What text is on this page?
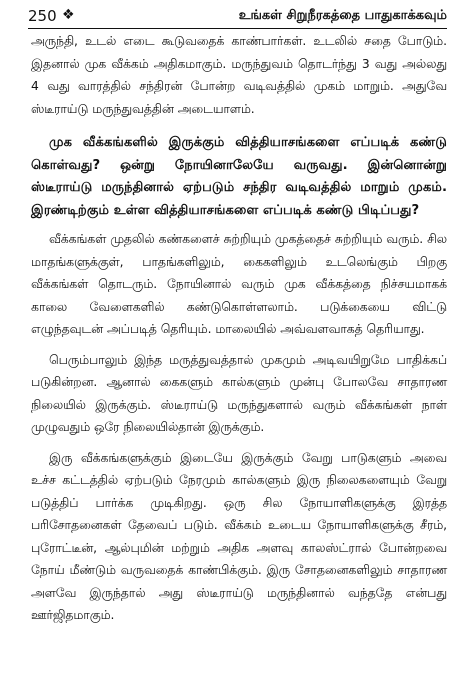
250 ❖	உங்கள் சிறுநீரகத்தை பாதுகாக்கவும்

அருந்தி, உடல் எடை கூடுவதைக் காண்பார்கள். உடலில் சதை போடும். இதனால் முக வீக்கம் அதிகமாகும். மருந்துவம் தொடர்ந்து 3 வது அல்லது 4 வது வாரத்தில் சந்திரன் போன்ற வடிவத்தில் முகம் மாறும். அதுவே ஸ்டீராய்டு மருந்துவத்தின் அடையாளம்.

முக வீக்கங்களில் இருக்கும் வித்தியாசங்களை எப்படிக் கண்டு கொள்வது? ஒன்று நோயினாலேயே வருவது. இன்னொன்று ஸ்டீராய்டு மருந்தினால் ஏற்படும் சந்திர வடிவத்தில் மாறும் முகம். இரண்டிற்கும் உள்ள வித்தியாசங்களை எப்படிக் கண்டு பிடிப்பது?

வீக்கங்கள் முதலில் கண்களைச் சுற்றியும் முகத்தைச் சுற்றியும் வரும். சில மாதங்களுக்குள், பாதங்களிலும், கைகளிலும் உடலெங்கும் பிறகு வீக்கங்கள் தொடரும். நோயினால் வரும் முக வீக்கத்தை நிச்சயமாகக் காலை வேளைகளில் கண்டுகொள்ளலாம். படுக்கையை விட்டு எழுந்தவுடன் அப்படித் தெரியும். மாலையில் அவ்வளவாகத் தெரியாது.

பெரும்பாலும் இந்த மருத்துவத்தால் முகமும் அடிவயிறுமே பாதிக்கப் படுகின்றன. ஆனால் கைகளும் கால்களும் முன்பு போலவே சாதாரண நிலையில் இருக்கும். ஸ்டீராய்டு மருந்துகளால் வரும் வீக்கங்கள் நாள் முழுவதும் ஒரே நிலையில்தான் இருக்கும்.

இரு வீக்கங்களுக்கும் இடையே இருக்கும் வேறு பாடுகளும் அவை உச்ச கட்டத்தில் ஏற்படும் நேரமும் கால்களும் இரு நிலைகளையும் வேறு படுத்திப் பார்க்க முடிகிறது. ஒரு சில நோயாளிகளுக்கு இரத்த பரிசோதனைகள் தேவைப் படும். வீக்கம் உடைய நோயாளிகளுக்கு சீரம், புரோட்டீன், ஆல்புமின் மற்றும் அதிக அளவு காலஸ்ட்ரால் போன்றவை நோய் மீண்டும் வருவதைக் காண்பிக்கும். இரு சோதனைகளிலும் சாதாரண அளவே இருந்தால் அது ஸ்டீராய்டு மருந்தினால் வந்ததே என்பது ஊர்ஜிதமாகும்.
